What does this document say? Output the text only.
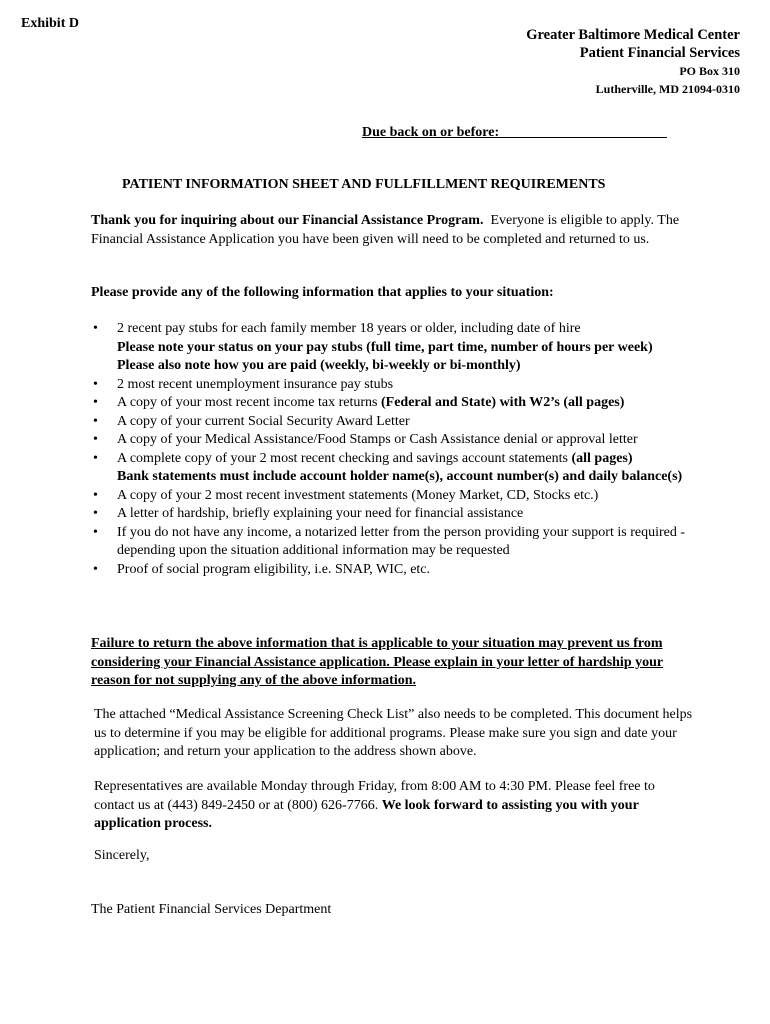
Exhibit D
Greater Baltimore Medical Center
Patient Financial Services
PO Box 310
Lutherville, MD 21094-0310
Due back on or before:
PATIENT INFORMATION SHEET AND FULLFILLMENT REQUIREMENTS
Thank you for inquiring about our Financial Assistance Program. Everyone is eligible to apply. The Financial Assistance Application you have been given will need to be completed and returned to us.
Please provide any of the following information that applies to your situation:
• 2 recent pay stubs for each family member 18 years or older, including date of hire
Please note your status on your pay stubs (full time, part time, number of hours per week)
Please also note how you are paid (weekly, bi-weekly or bi-monthly)
• 2 most recent unemployment insurance pay stubs
• A copy of your most recent income tax returns (Federal and State) with W2’s (all pages)
• A copy of your current Social Security Award Letter
• A copy of your Medical Assistance/Food Stamps or Cash Assistance denial or approval letter
• A complete copy of your 2 most recent checking and savings account statements (all pages)
Bank statements must include account holder name(s), account number(s) and daily balance(s)
• A copy of your 2 most recent investment statements (Money Market, CD, Stocks etc.)
• A letter of hardship, briefly explaining your need for financial assistance
• If you do not have any income, a notarized letter from the person providing your support is required - depending upon the situation additional information may be requested
• Proof of social program eligibility, i.e. SNAP, WIC, etc.
Failure to return the above information that is applicable to your situation may prevent us from considering your Financial Assistance application. Please explain in your letter of hardship your reason for not supplying any of the above information.
The attached “Medical Assistance Screening Check List” also needs to be completed. This document helps us to determine if you may be eligible for additional programs. Please make sure you sign and date your application; and return your application to the address shown above.
Representatives are available Monday through Friday, from 8:00 AM to 4:30 PM. Please feel free to contact us at (443) 849-2450 or at (800) 626-7766. We look forward to assisting you with your application process.
Sincerely,
The Patient Financial Services Department
